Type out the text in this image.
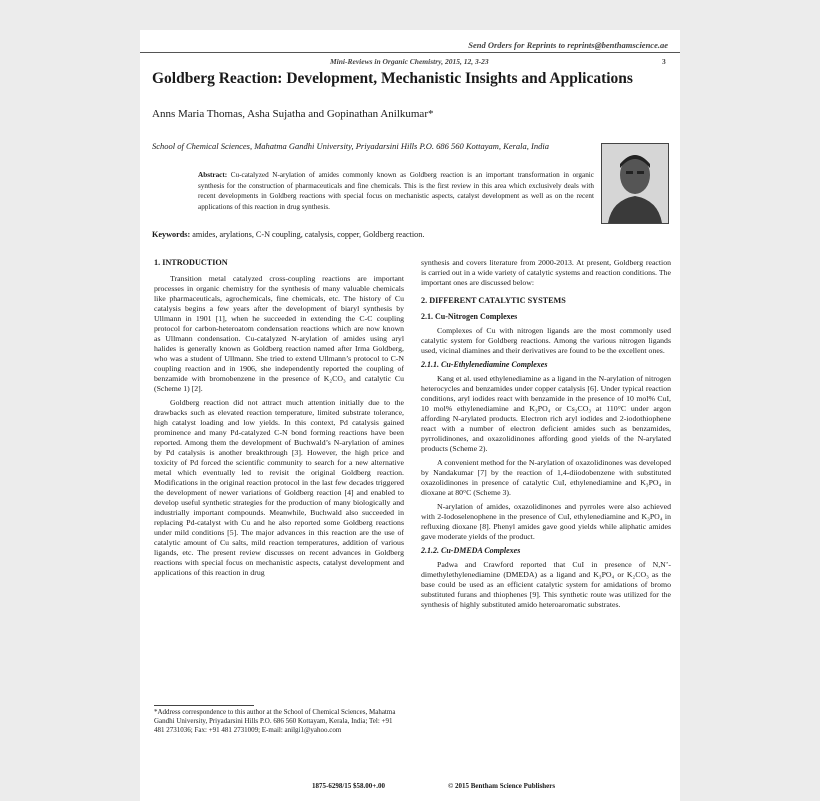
Send Orders for Reprints to reprints@benthamscience.ae
Mini-Reviews in Organic Chemistry, 2015, 12, 3-23	3
Goldberg Reaction: Development, Mechanistic Insights and Applications
Anns Maria Thomas, Asha Sujatha and Gopinathan Anilkumar*
School of Chemical Sciences, Mahatma Gandhi University, Priyadarsini Hills P.O. 686 560 Kottayam, Kerala, India
Abstract: Cu-catalyzed N-arylation of amides commonly known as Goldberg reaction is an important transformation in organic synthesis for the construction of pharmaceuticals and fine chemicals. This is the first review in this area which exclusively deals with recent developments in Goldberg reactions with special focus on mechanistic aspects, catalyst development as well as on the recent applications of this reaction in drug synthesis.
Keywords: amides, arylations, C-N coupling, catalysis, copper, Goldberg reaction.
1. INTRODUCTION

Transition metal catalyzed cross-coupling reactions are important processes in organic chemistry for the synthesis of many valuable chemicals like pharmaceuticals, agrochemicals, fine chemicals, etc. The history of Cu catalysis begins a few years after the development of biaryl synthesis by Ullmann in 1901 [1], when he succeeded in extending the C-C coupling protocol for carbon-heteroatom condensation reactions which are now known as Ullmann condensation. Cu-catalyzed N-arylation of amides using aryl halides is generally known as Goldberg reaction named after Irma Goldberg, who was a student of Ullmann. She tried to extend Ullmann’s protocol to C-N coupling reaction and in 1906, she independently reported the coupling of benzamide with bromobenzene in the presence of K₂CO₃ and catalytic Cu (Scheme 1) [2].

Goldberg reaction did not attract much attention initially due to the drawbacks such as elevated reaction temperature, limited substrate tolerance, high catalyst loading and low yields. In this context, Pd catalysis gained prominence and many Pd-catalyzed C-N bond forming reactions have been reported. Among them the development of Buchwald’s N-arylation of amines by Pd catalysis is another breakthrough [3]. However, the high price and toxicity of Pd forced the scientific community to search for a new alternative metal which eventually led to revisit the original Goldberg reaction. Modifications in the original reaction protocol in the last few decades triggered the development of newer variations of Goldberg reaction [4] and enabled to develop useful synthetic strategies for the production of many biologically and industrially important compounds. Meanwhile, Buchwald also succeeded in replacing Pd-catalyst with Cu and he also reported some Goldberg reactions under mild conditions [5]. The major advances in this reaction are the use of catalytic amount of Cu salts, mild reaction temperatures, addition of various ligands, etc. The present review discusses on recent advances in Goldberg reactions with special focus on mechanistic aspects, catalyst development and applications of this reaction in drug

*Address correspondence to this author at the School of Chemical Sciences, Mahatma Gandhi University, Priyadarsini Hills P.O. 686 560 Kottayam, Kerala, India; Tel: +91 481 2731036; Fax: +91 481 2731009; E-mail: anilgi1@yahoo.com

synthesis and covers literature from 2000-2013. At present, Goldberg reaction is carried out in a wide variety of catalytic systems and reaction conditions. The important ones are discussed below:

2. DIFFERENT CATALYTIC SYSTEMS
2.1. Cu-Nitrogen Complexes

Complexes of Cu with nitrogen ligands are the most commonly used catalytic system for Goldberg reactions. Among the various nitrogen ligands used, vicinal diamines and their derivatives are found to be the excellent ones.

2.1.1. Cu-Ethylenediamine Complexes

Kang et al. used ethylenediamine as a ligand in the N-arylation of nitrogen heterocycles and benzamides under copper catalysis [6]. Under typical reaction conditions, aryl iodides react with benzamide in the presence of 10 mol% CuI, 10 mol% ethylenediamine and K₃PO₄ or Cs₂CO₃ at 110°C under argon affording N-arylated products. Electron rich aryl iodides and 2-iodothiophene react with a number of electron deficient amides such as benzamides, pyrrolidinones, and oxazolidinones affording good yields of the N-arylated products (Scheme 2).

A convenient method for the N-arylation of oxazolidinones was developed by Nandakumar [7] by the reaction of 1,4-diiodobenzene with substituted oxazolidinones in presence of catalytic CuI, ethylenediamine and K₃PO₄ in dioxane at 80°C (Scheme 3).

N-arylation of amides, oxazolidinones and pyrroles were also achieved with 2-Iodoselenophene in the presence of CuI, ethylenediamine and K₃PO₄ in refluxing dioxane [8]. Phenyl amides gave good yields while aliphatic amides gave moderate yields of the product.

2.1.2. Cu-DMEDA Complexes

Padwa and Crawford reported that CuI in presence of N,N’-dimethylethylenediamine (DMEDA) as a ligand and K₃PO₄ or K₂CO₃ as the base could be used as an efficient catalytic system for amidations of bromo substituted furans and thiophenes [9]. This synthetic route was utilized for the synthesis of highly substituted amido heteroaromatic substrates.

1875-6298/15 $58.00+.00	© 2015 Bentham Science Publishers
